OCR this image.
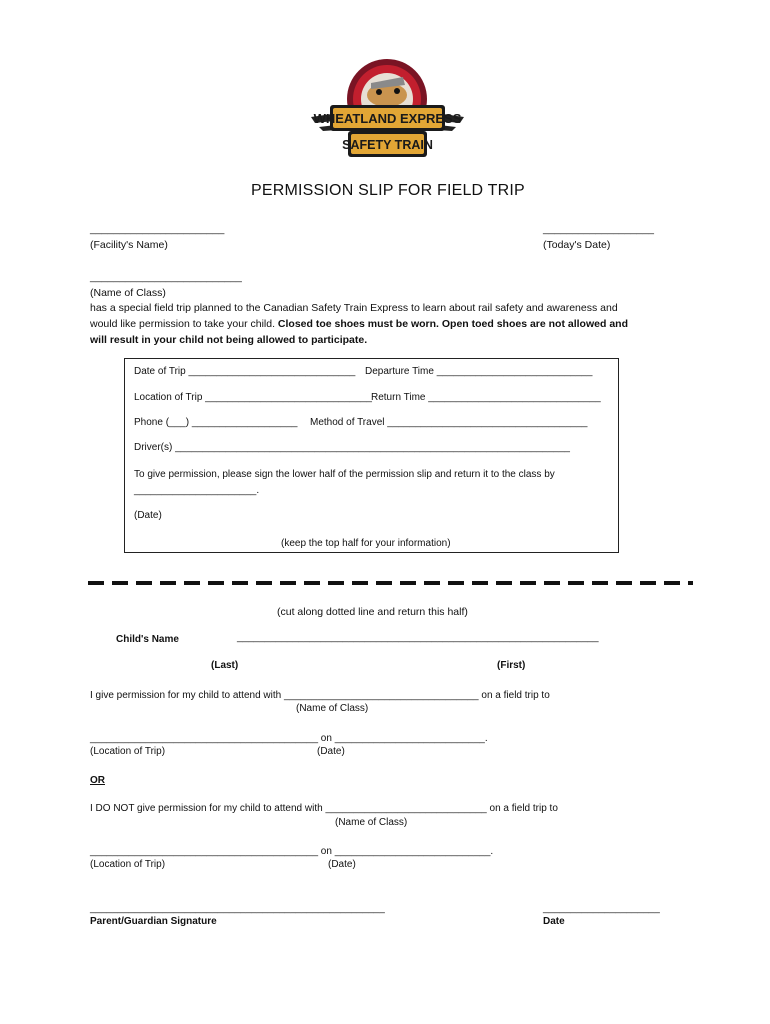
WHEATLAND EXPRESS
SAFETY TRAIN
PERMISSION SLIP FOR FIELD TRIP
_______________________
(Facility's Name)
___________________
(Today's Date)
__________________________
(Name of Class)
has a special field trip planned to the Canadian Safety Train Express to learn about rail safety and awareness and
would like permission to take your child. Closed toe shoes must be worn. Open toed shoes are not allowed and
will result in your child not being allowed to participate.
Date of Trip ______________________________ Departure Time ____________________________
Location of Trip ______________________________ Return Time _______________________________
Phone (___) ___________________ Method of Travel ____________________________________
Driver(s) _______________________________________________________________________
To give permission, please sign the lower half of the permission slip and return it to the class by
______________________.
(Date)
(keep the top half for your information)
(cut along dotted line and return this half)
Child's Name	_________________________________________________________________
(Last)	(First)
I give permission for my child to attend with ___________________________________ on a field trip to
(Name of Class)
_________________________________________ on ___________________________.
(Location of Trip)	(Date)
OR
I DO NOT give permission for my child to attend with _____________________________ on a field trip to
(Name of Class)
_________________________________________ on ____________________________.
(Location of Trip)	(Date)
_____________________________________________________
Parent/Guardian Signature
_____________________
Date
